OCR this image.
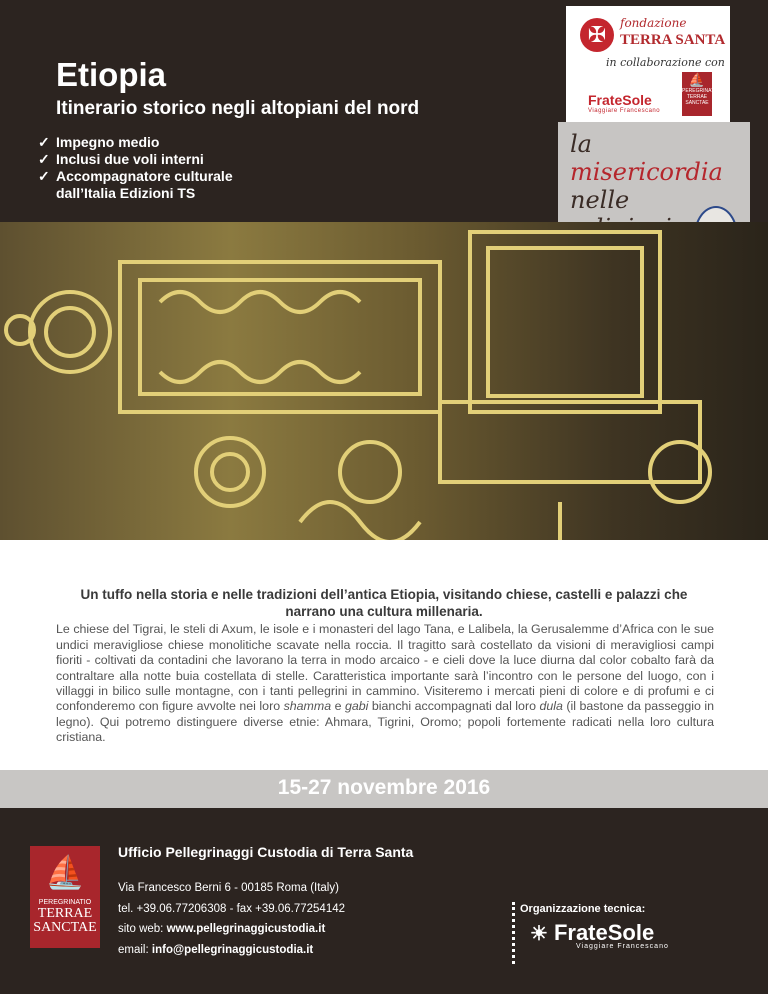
Etiopia
Itinerario storico negli altopiani del nord
✓ Impegno medio
✓ Inclusi due voli interni
✓ Accompagnatore culturale
dall’Italia Edizioni TS
✠	fondazione
TERRA SANTA
in collaborazione con
FrateSole
Viaggiare Francescano
⛵
PEREGRINATIO
TERRAE
SANCTAE
la
misericordia
nelle

Un tuffo nella storia e nelle tradizioni dell’antica Etiopia, visitando chiese, castelli e palazzi che narrano una cultura millenaria.

Le chiese del Tigrai, le steli di Axum, le isole e i monasteri del lago Tana, e Lalibela, la Gerusalemme d’Africa con le sue undici meravigliose chiese monolitiche scavate nella roccia. Il tragitto sarà costellato da visioni di meravigliosi campi fioriti - coltivati da contadini che lavorano la terra in modo arcaico - e cieli dove la luce diurna dal color cobalto farà da contraltare alla notte buia costellata di stelle. Caratteristica importante sarà l’incontro con le persone del luogo, con i villaggi in bilico sulle montagne, con i tanti pellegrini in cammino. Visiteremo i mercati pieni di colore e di profumi e ci confonderemo con figure avvolte nei loro shamma e gabi bianchi accompagnati dal loro dula (il bastone da passeggio in legno). Qui potremo distinguere diverse etnie: Ahmara, Tigrini, Oromo; popoli fortemente radicati nella loro cultura cristiana.

15-27 novembre 2016
⛵
PEREGRINATIO
TERRAE
SANCTAE
Ufficio Pellegrinaggi Custodia di Terra Santa
Via Francesco Berni 6 - 00185 Roma (Italy)
tel. +39.06.77206308 - fax +39.06.77254142
sito web: www.pellegrinaggicustodia.it
email: info@pellegrinaggicustodia.it
Organizzazione tecnica:
☀ FrateSole
Viaggiare Francescano
